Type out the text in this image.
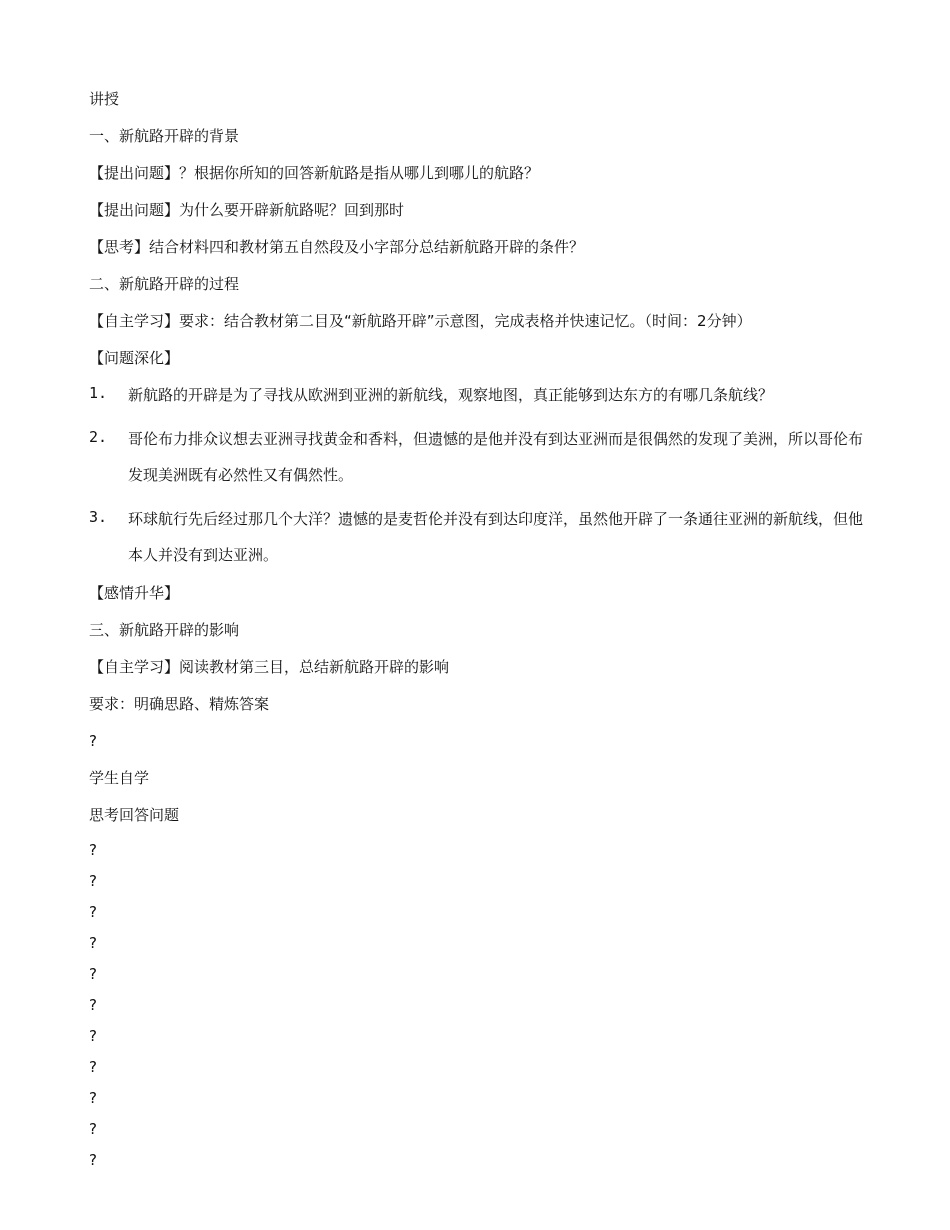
讲授
一、新航路开辟的背景
【提出问题】？根据你所知的回答新航路是指从哪儿到哪儿的航路？
【提出问题】为什么要开辟新航路呢？回到那时
【思考】结合材料四和教材第五自然段及小字部分总结新航路开辟的条件？
二、新航路开辟的过程
【自主学习】要求：结合教材第二目及“新航路开辟”示意图，完成表格并快速记忆。（时间：2分钟）
【问题深化】
1.	新航路的开辟是为了寻找从欧洲到亚洲的新航线，观察地图，真正能够到达东方的有哪几条航线？
2.	哥伦布力排众议想去亚洲寻找黄金和香料，但遗憾的是他并没有到达亚洲而是很偶然的发现了美洲，所以哥伦布发现美洲既有必然性又有偶然性。
3.	环球航行先后经过那几个大洋？遗憾的是麦哲伦并没有到达印度洋，虽然他开辟了一条通往亚洲的新航线，但他本人并没有到达亚洲。
【感情升华】
三、新航路开辟的影响
【自主学习】阅读教材第三目，总结新航路开辟的影响
要求：明确思路、精炼答案
?
学生自学
思考回答问题
?
?
?
?
?
?
?
?
?
?
?
